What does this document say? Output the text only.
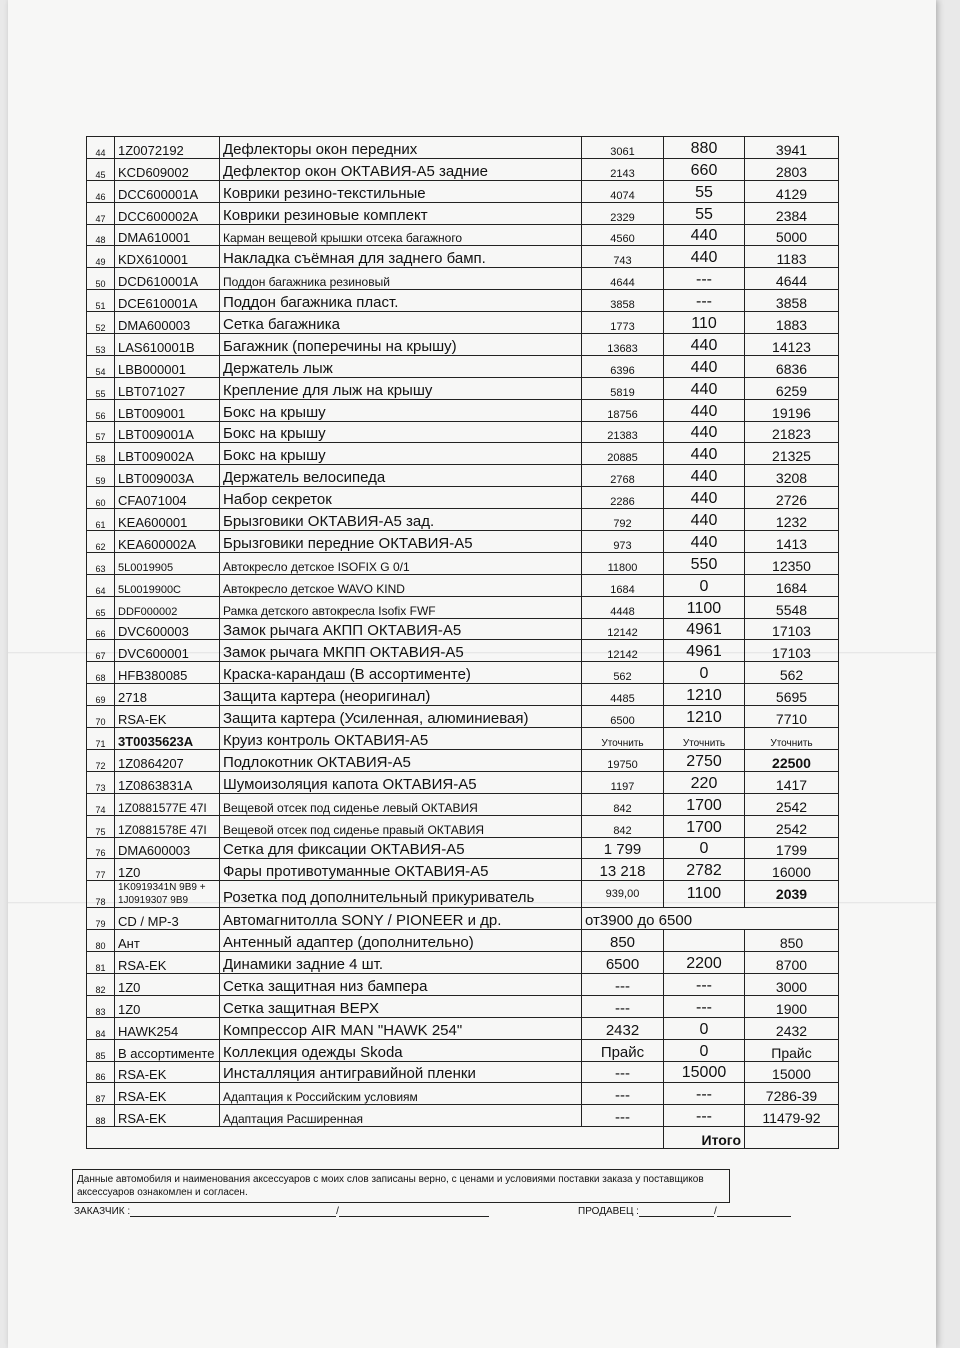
44	1Z0072192	Дефлекторы окон передних	3061	880	3941
45	KCD609002	Дефлектор окон ОКТАВИЯ-А5 задние	2143	660	2803
46	DCC600001A	Коврики резино-текстильные	4074	55	4129
47	DCC600002A	Коврики резиновые комплект	2329	55	2384
48	DMA610001	Карман вещевой крышки отсека багажного	4560	440	5000
49	KDX610001	Накладка съёмная для заднего бамп.	743	440	1183
50	DCD610001A	Поддон багажника резиновый	4644	---	4644
51	DCE610001A	Поддон багажника пласт.	3858	---	3858
52	DMA600003	Сетка багажника	1773	110	1883
53	LAS610001B	Багажник (поперечины на крышу)	13683	440	14123
54	LBB000001	Держатель лыж	6396	440	6836
55	LBT071027	Крепление для лыж на крышу	5819	440	6259
56	LBT009001	Бокс на крышу	18756	440	19196
57	LBT009001A	Бокс на крышу	21383	440	21823
58	LBT009002A	Бокс на крышу	20885	440	21325
59	LBT009003A	Держатель велосипеда	2768	440	3208
60	CFA071004	Набор секреток	2286	440	2726
61	KEA600001	Брызговики ОКТАВИЯ-А5 зад.	792	440	1232
62	KEA600002A	Брызговики передние ОКТАВИЯ-А5	973	440	1413
63	5L0019905	Автокресло детское ISOFIX G 0/1	11800	550	12350
64	5L0019900C	Автокресло детское WAVO KIND	1684	0	1684
65	DDF000002	Рамка детского автокресла Isofix FWF	4448	1100	5548
66	DVC600003	Замок рычага АКПП ОКТАВИЯ-А5	12142	4961	17103
67	DVC600001	Замок рычага МКПП ОКТАВИЯ-А5	12142	4961	17103
68	HFB380085	Краска-карандаш (В ассортименте)	562	0	562
69	2718	Защита картера (неоригинал)	4485	1210	5695
70	RSA-EK	Защита картера (Усиленная, алюминиевая)	6500	1210	7710
71	3T0035623A	Круиз контроль ОКТАВИЯ-А5	Уточнить	Уточнить	Уточнить
72	1Z0864207	Подлокотник ОКТАВИЯ-А5	19750	2750	22500
73	1Z0863831A	Шумоизоляция капота ОКТАВИЯ-А5	1197	220	1417
74	1Z0881577E 47I	Вещевой отсек под сиденье левый ОКТАВИЯ	842	1700	2542
75	1Z0881578E 47I	Вещевой отсек под сиденье правый ОКТАВИЯ	842	1700	2542
76	DMA600003	Сетка для фиксации ОКТАВИЯ-А5	1 799	0	1799
77	1Z0	Фары противотуманные ОКТАВИЯ-А5	13 218	2782	16000
78	1K0919341N 9B9 + 1J0919307 9B9	Розетка под дополнительный прикуриватель	939,00	1100	2039
79	CD / MP-3	Автомагнитолла SONY / PIONEER и др.	от3900 до 6500		
80	Ант	Антенный адаптер (дополнительно)	850		850
81	RSA-EK	Динамики задние 4 шт.	6500	2200	8700
82	1Z0	Сетка защитная низ бампера	---	---	3000
83	1Z0	Сетка защитная ВЕРХ	---	---	1900
84	HAWK254	Компрессор AIR MAN "HAWK 254"	2432	0	2432
85	В ассортименте	Коллекция одежды Skoda	Прайс	0	Прайс
86	RSA-EK	Инсталляция антигравийной пленки	---	15000	15000
87	RSA-EK	Адаптация к Российским условиям	---	---	7286-39
88	RSA-EK	Адаптация Расширенная	---	---	11479-92
				Итого	
Данные автомобиля и наименования аксессуаров с моих слов записаны верно, с ценами и условиями поставки заказа у поставщиков аксессуаров ознакомлен и согласен.
ЗАКАЗЧИК :	/	ПРОДАВЕЦ :	/
